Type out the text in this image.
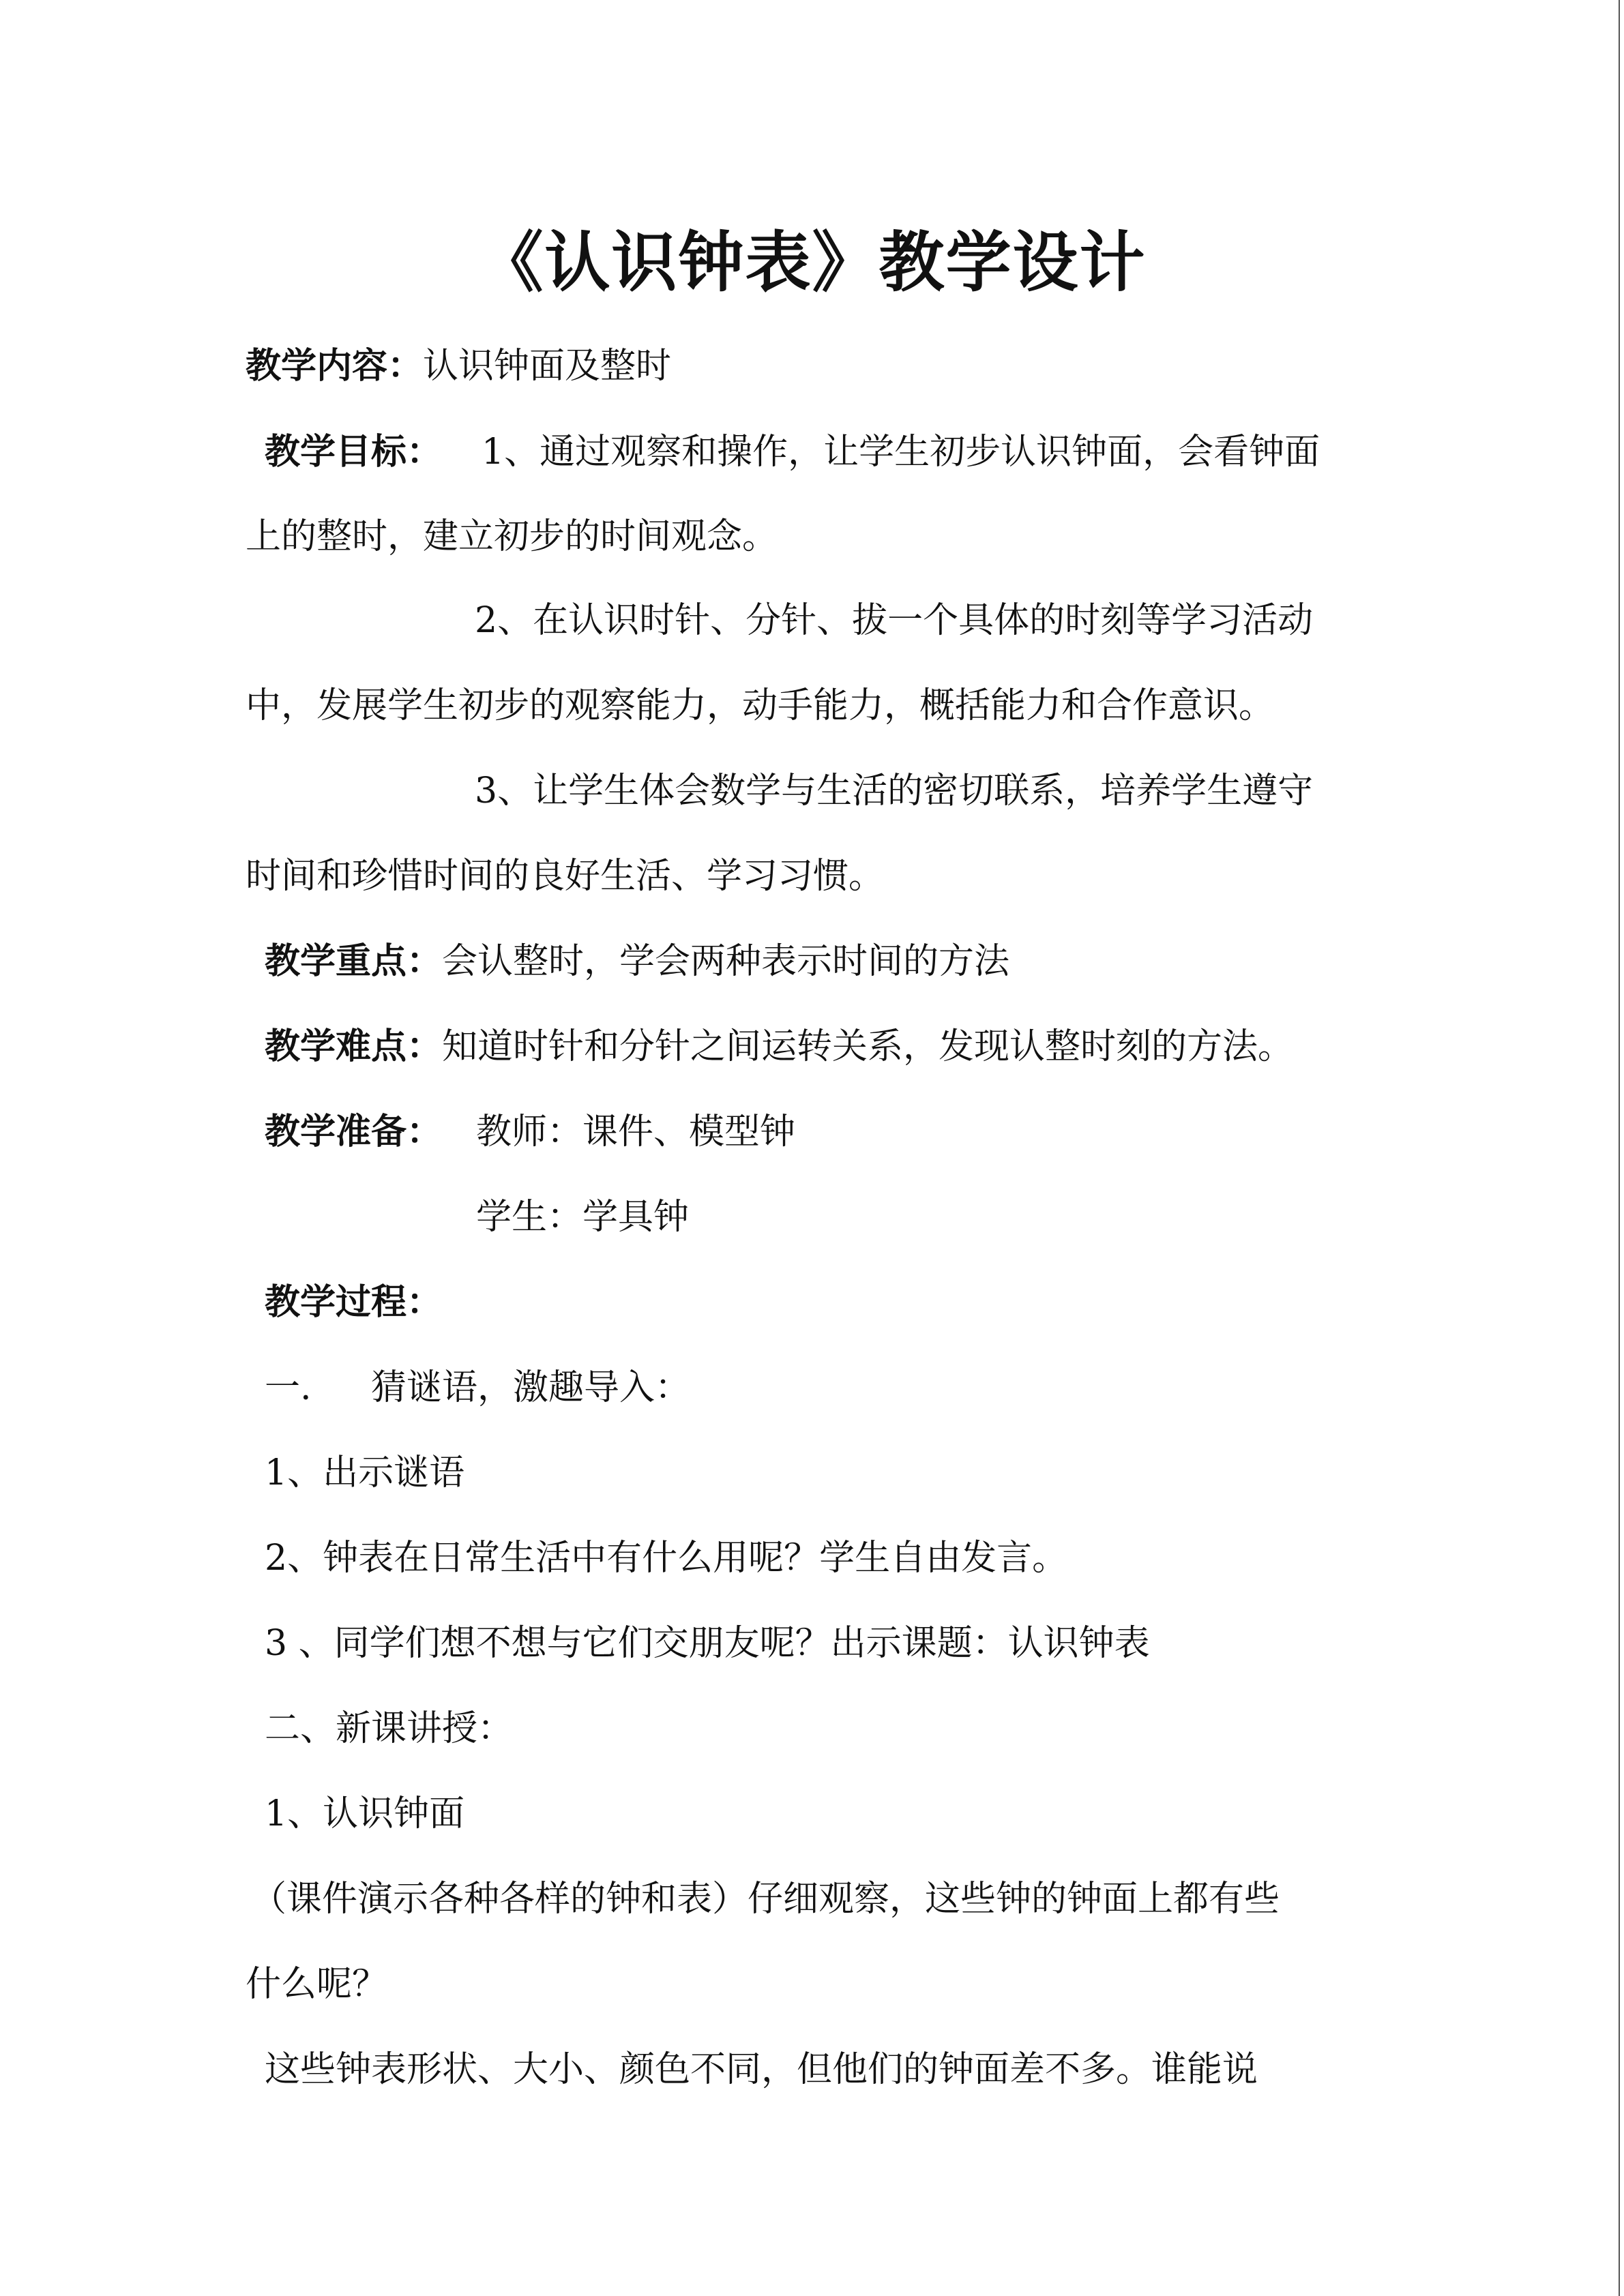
《认识钟表》教学设计
教学内容：认识钟面及整时
教学目标： 1、通过观察和操作，让学生初步认识钟面，会看钟面
上的整时，建立初步的时间观念。
2、在认识时针、分针、拔一个具体的时刻等学习活动
中，发展学生初步的观察能力，动手能力，概括能力和合作意识。
3、让学生体会数学与生活的密切联系，培养学生遵守
时间和珍惜时间的良好生活、学习习惯。
教学重点：会认整时，学会两种表示时间的方法
教学难点：知道时针和分针之间运转关系，发现认整时刻的方法。
教学准备： 教师：课件、模型钟
学生：学具钟
教学过程：
一. 猜谜语，激趣导入：
1、出示谜语
2、钟表在日常生活中有什么用呢？学生自由发言。
3 、同学们想不想与它们交朋友呢？出示课题：认识钟表
二、新课讲授：
1、认识钟面
（课件演示各种各样的钟和表）仔细观察，这些钟的钟面上都有些
什么呢？
这些钟表形状、大小、颜色不同，但他们的钟面差不多。谁能说
